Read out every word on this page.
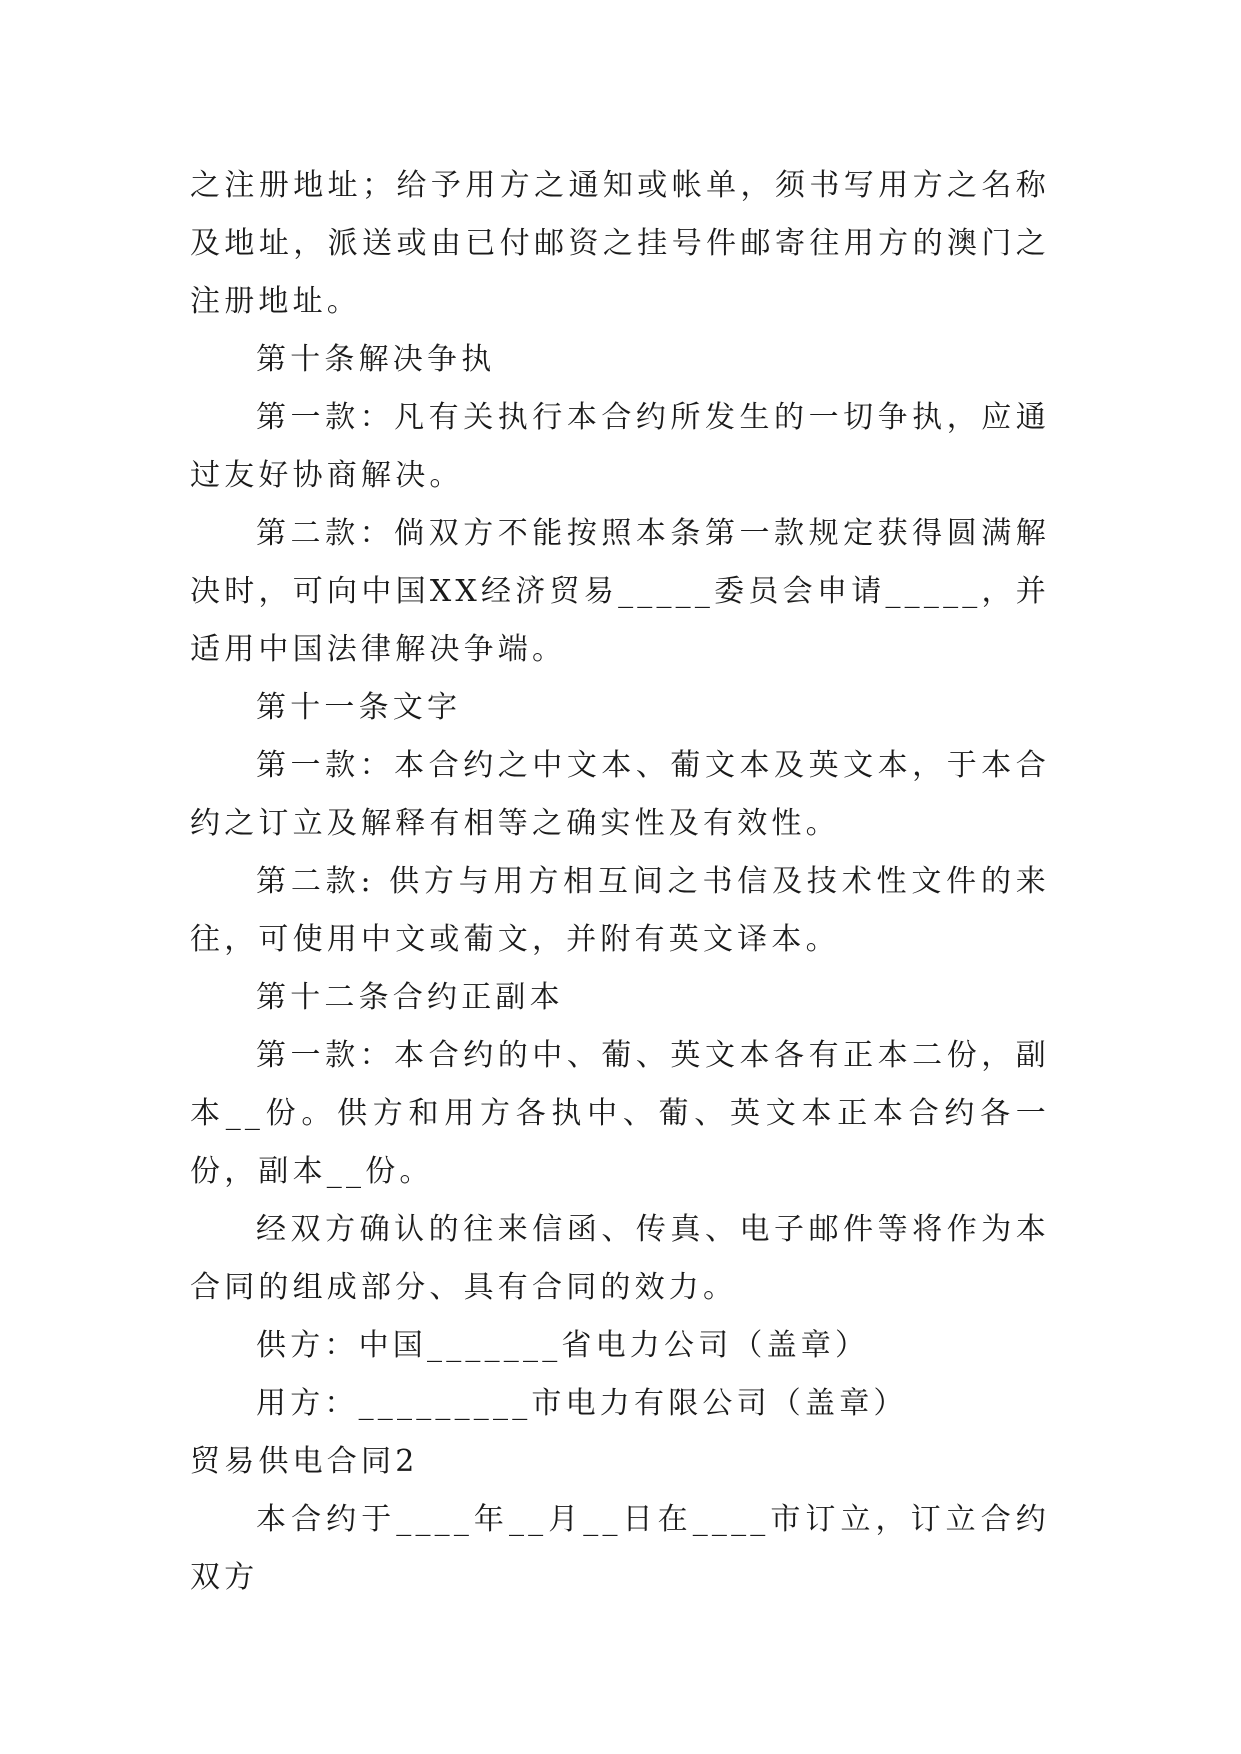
之注册地址；给予用方之通知或帐单，须书写用方之名称及地址，派送或由已付邮资之挂号件邮寄往用方的澳门之注册地址。

第十条解决争执

第一款：凡有关执行本合约所发生的一切争执，应通过友好协商解决。

第二款：倘双方不能按照本条第一款规定获得圆满解决时，可向中国XX经济贸易_____委员会申请_____，并适用中国法律解决争端。

第十一条文字

第一款：本合约之中文本、葡文本及英文本，于本合约之订立及解释有相等之确实性及有效性。

第二款: 供方与用方相互间之书信及技术性文件的来往，可使用中文或葡文，并附有英文译本。

第十二条合约正副本

第一款：本合约的中、葡、英文本各有正本二份，副本__份。供方和用方各执中、葡、英文本正本合约各一份，副本__份。

经双方确认的往来信函、传真、电子邮件等将作为本合同的组成部分、具有合同的效力。

供方：中国_______省电力公司（盖章）

用方：_________市电力有限公司（盖章）

贸易供电合同2

本合约于____年__月__日在____市订立，订立合约双方
